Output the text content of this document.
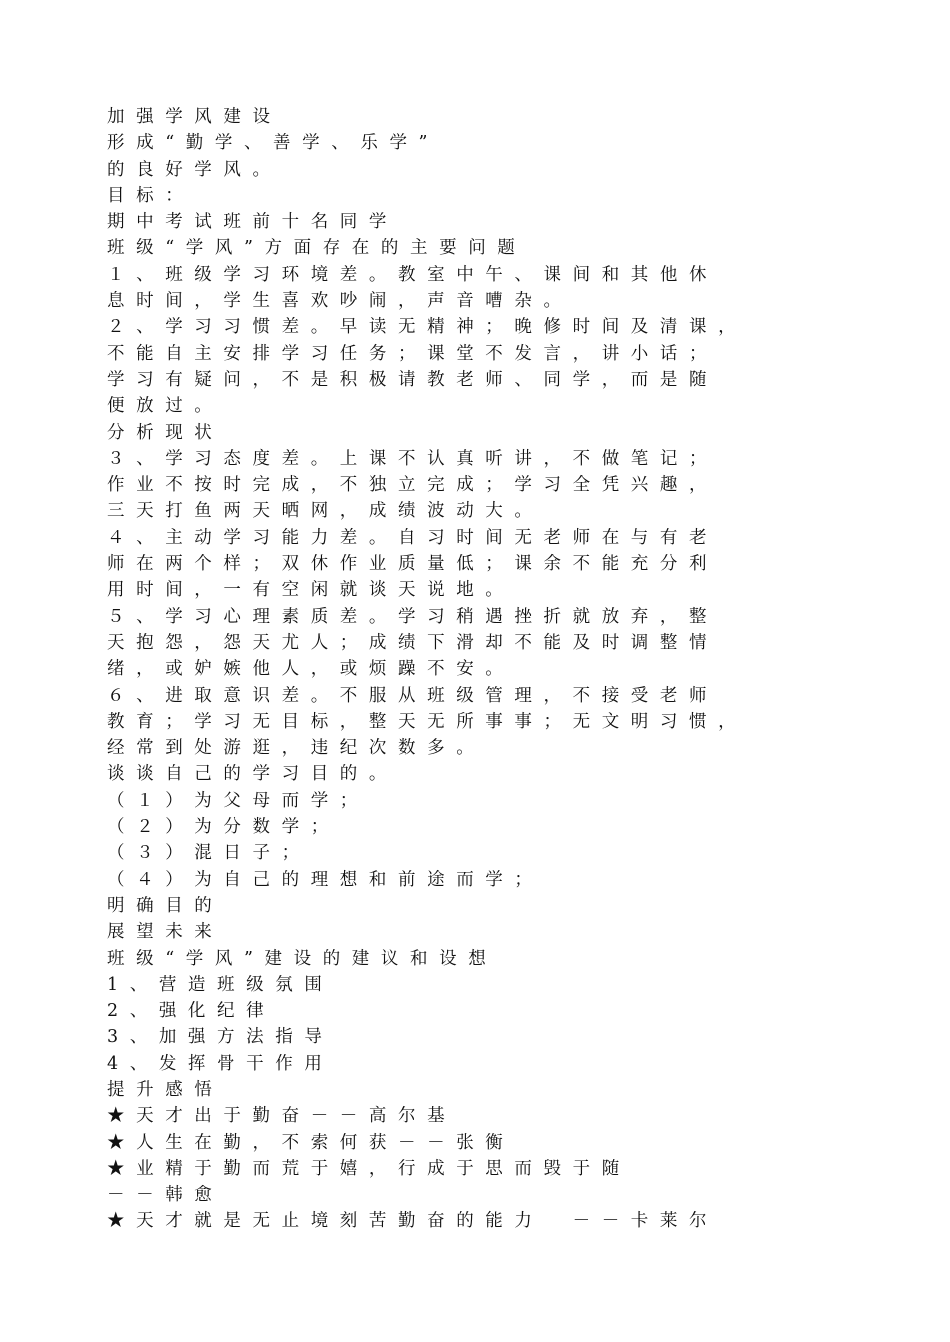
加强学风建设
形成“勤学、善学、乐学”
的良好学风。
目标：
期中考试班前十名同学
班级“学风”方面存在的主要问题
１、班级学习环境差。教室中午、课间和其他休
息时间，学生喜欢吵闹，声音嘈杂。
２、学习习惯差。早读无精神；晚修时间及清课，
不能自主安排学习任务；课堂不发言，讲小话；
学习有疑问，不是积极请教老师、同学，而是随
便放过。
分析现状
３、学习态度差。上课不认真听讲，不做笔记；
作业不按时完成，不独立完成；学习全凭兴趣，
三天打鱼两天晒网，成绩波动大。
４、主动学习能力差。自习时间无老师在与有老
师在两个样；双休作业质量低；课余不能充分利
用时间，一有空闲就谈天说地。
５、学习心理素质差。学习稍遇挫折就放弃，整
天抱怨，怨天尤人；成绩下滑却不能及时调整情
绪，或妒嫉他人，或烦躁不安。
６、进取意识差。不服从班级管理，不接受老师
教育；学习无目标，整天无所事事；无文明习惯，
经常到处游逛，违纪次数多。
谈谈自己的学习目的。
（１）为父母而学；
（２）为分数学；
（３）混日子；
（４）为自己的理想和前途而学；
明确目的
展望未来
班级“学风”建设的建议和设想
1、营造班级氛围
2、强化纪律
3、加强方法指导
4、发挥骨干作用
提升感悟
★天才出于勤奋－－高尔基
★人生在勤，不索何获－－张衡
★业精于勤而荒于嬉，行成于思而毁于随
－－韩愈
★天才就是无止境刻苦勤奋的能力　－－卡莱尔
